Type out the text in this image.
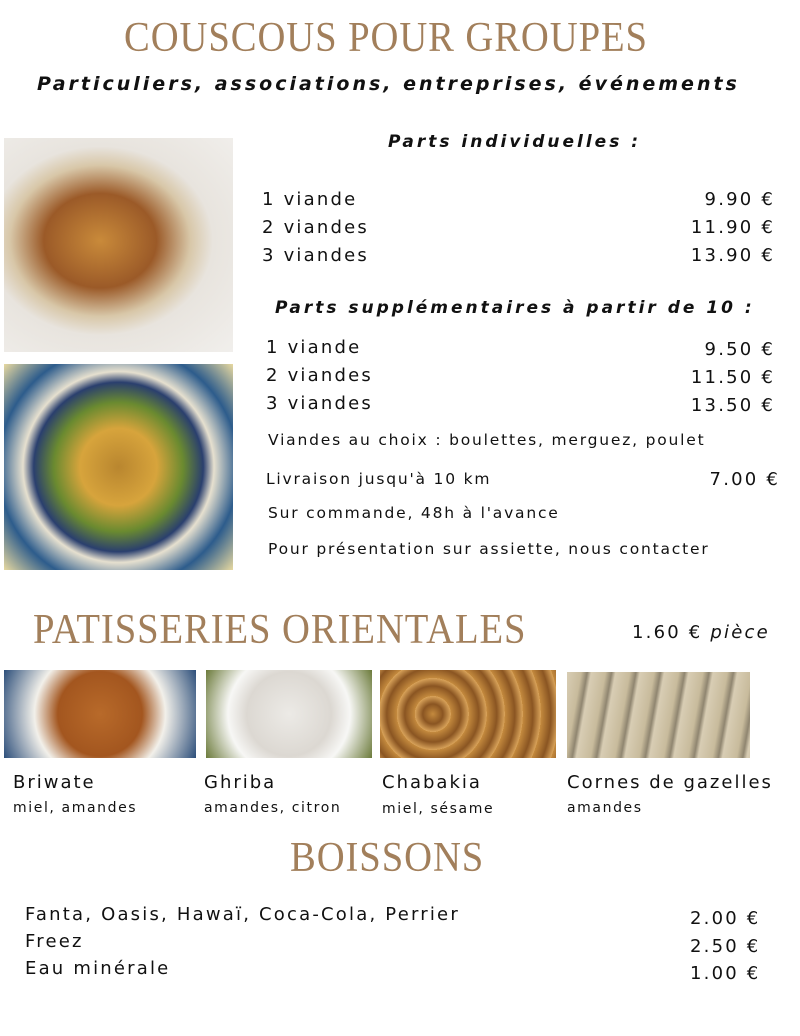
COUSCOUS POUR GROUPES
Particuliers, associations, entreprises, événements
Parts individuelles :
1 viande	9.90 €
2 viandes	11.90 €
3 viandes	13.90 €
Parts supplémentaires à partir de 10 :
1 viande	9.50 €
2 viandes	11.50 €
3 viandes	13.50 €
Viandes au choix : boulettes, merguez, poulet
Livraison jusqu'à 10 km	7.00 €
Sur commande, 48h à l'avance
Pour présentation sur assiette, nous contacter
PATISSERIES ORIENTALES	1.60 € pièce
Briwate
miel, amandes
Ghriba
amandes, citron
Chabakia
miel, sésame
Cornes de gazelles
amandes
BOISSONS
Fanta, Oasis, Hawaï, Coca-Cola, Perrier	2.00 €
Freez	2.50 €
Eau minérale	1.00 €
